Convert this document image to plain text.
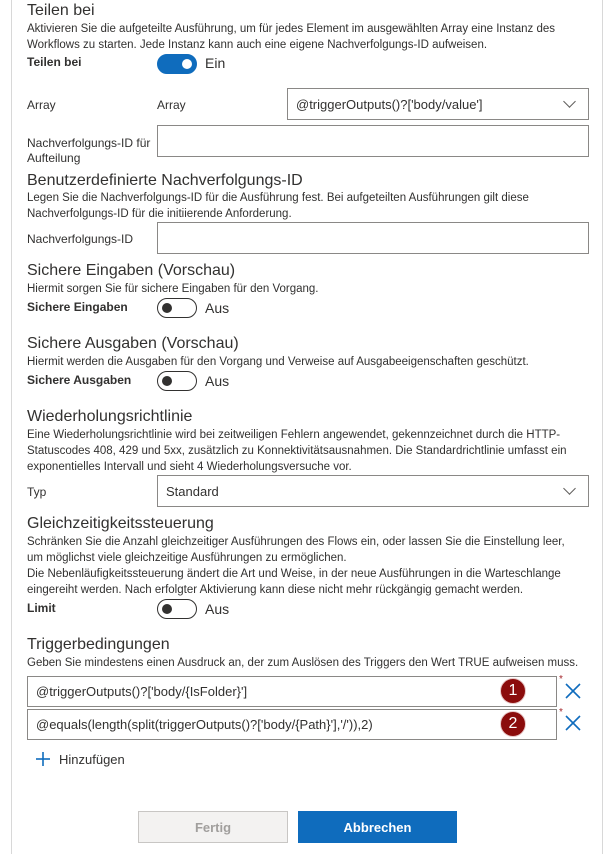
Teilen bei
Aktivieren Sie die aufgeteilte Ausführung, um für jedes Element im ausgewählten Array eine Instanz des Workflows zu starten. Jede Instanz kann auch eine eigene Nachverfolgungs-ID aufweisen.
Teilen bei	Ein
Array	Array	@triggerOutputs()?['body/value']
Nachverfolgungs-ID für Aufteilung
Benutzerdefinierte Nachverfolgungs-ID
Legen Sie die Nachverfolgungs-ID für die Ausführung fest. Bei aufgeteilten Ausführungen gilt diese Nachverfolgungs-ID für die initiierende Anforderung.
Nachverfolgungs-ID
Sichere Eingaben (Vorschau)
Hiermit sorgen Sie für sichere Eingaben für den Vorgang.
Sichere Eingaben	Aus
Sichere Ausgaben (Vorschau)
Hiermit werden die Ausgaben für den Vorgang und Verweise auf Ausgabeeigenschaften geschützt.
Sichere Ausgaben	Aus
Wiederholungsrichtlinie
Eine Wiederholungsrichtlinie wird bei zeitweiligen Fehlern angewendet, gekennzeichnet durch die HTTP-Statuscodes 408, 429 und 5xx, zusätzlich zu Konnektivitätsausnahmen. Die Standardrichtlinie umfasst ein exponentielles Intervall und sieht 4 Wiederholungsversuche vor.
Typ	Standard
Gleichzeitigkeitssteuerung
Schränken Sie die Anzahl gleichzeitiger Ausführungen des Flows ein, oder lassen Sie die Einstellung leer, um möglichst viele gleichzeitige Ausführungen zu ermöglichen.
Die Nebenläufigkeitssteuerung ändert die Art und Weise, in der neue Ausführungen in die Warteschlange eingereiht werden. Nach erfolgter Aktivierung kann diese nicht mehr rückgängig gemacht werden.
Limit	Aus
Triggerbedingungen
Geben Sie mindestens einen Ausdruck an, der zum Auslösen des Triggers den Wert TRUE aufweisen muss.
@triggerOutputs()?['body/{IsFolder}']	1
*
@equals(length(split(triggerOutputs()?['body/{Path}'],'/')),2)	2
*
Hinzufügen
Fertig	Abbrechen
